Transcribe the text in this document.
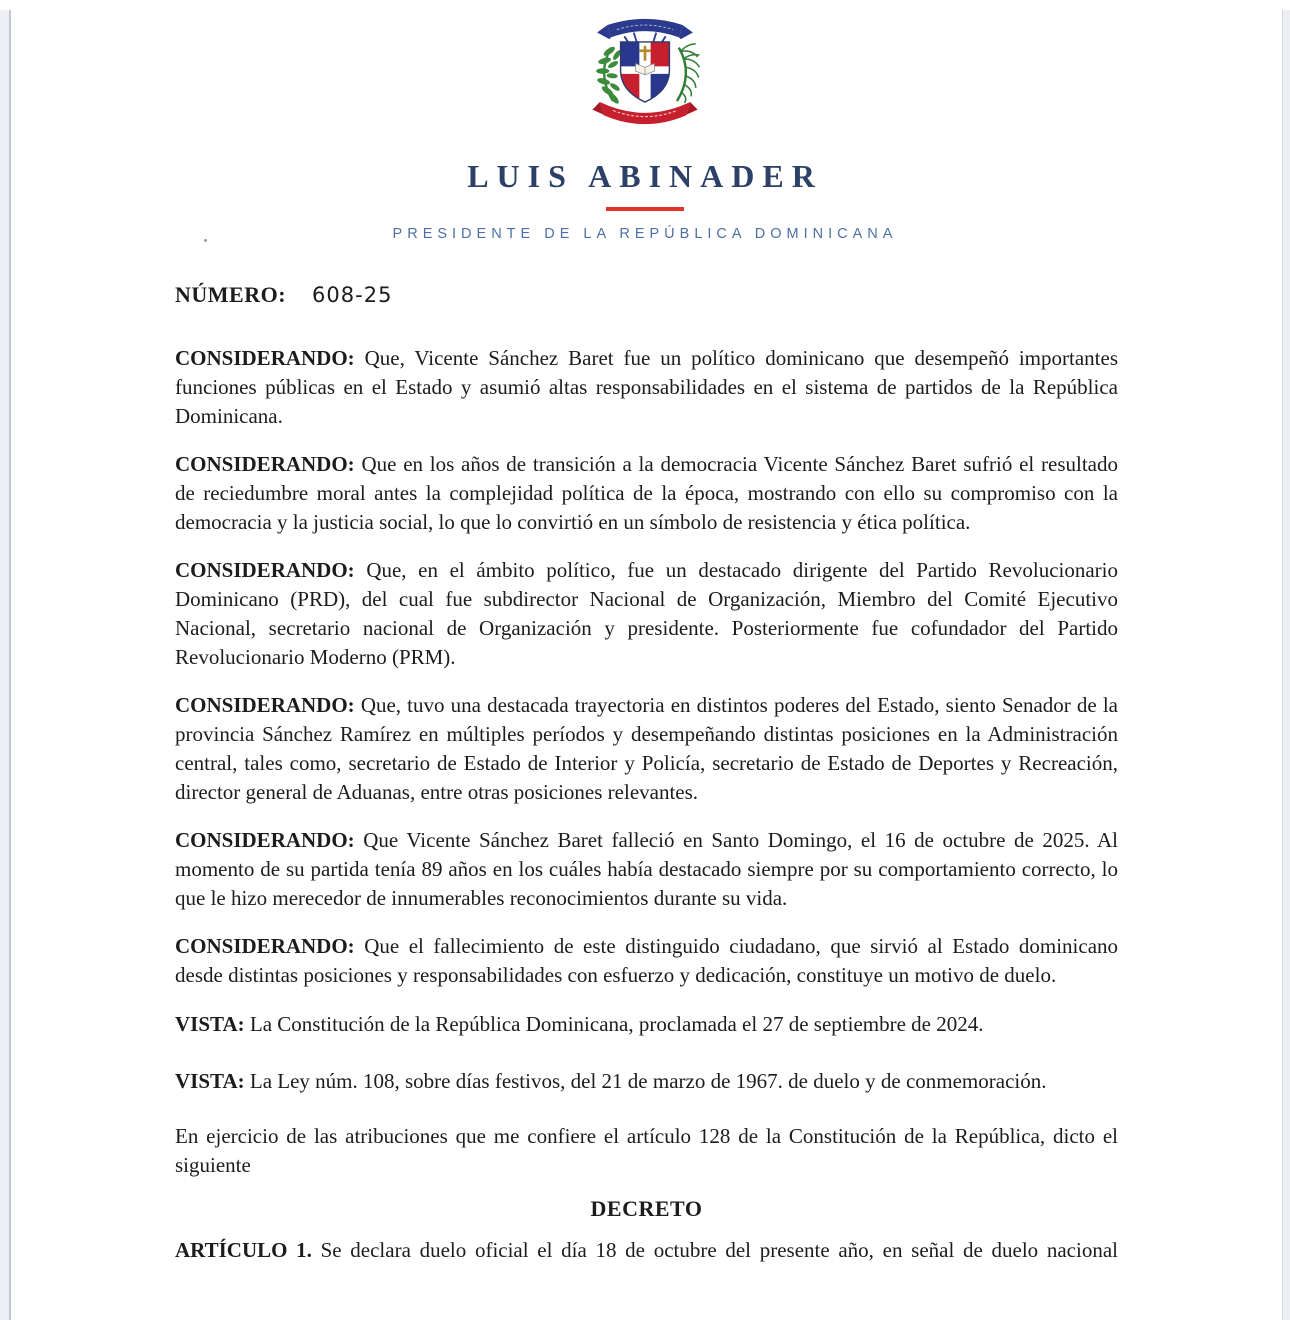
LUIS ABINADER
PRESIDENTE DE LA REPÚBLICA DOMINICANA

NÚMERO: 608-25

CONSIDERANDO: Que, Vicente Sánchez Baret fue un político dominicano que desempeñó importantes funciones públicas en el Estado y asumió altas responsabilidades en el sistema de partidos de la República Dominicana.

CONSIDERANDO: Que en los años de transición a la democracia Vicente Sánchez Baret sufrió el resultado de reciedumbre moral antes la complejidad política de la época, mostrando con ello su compromiso con la democracia y la justicia social, lo que lo convirtió en un símbolo de resistencia y ética política.

CONSIDERANDO: Que, en el ámbito político, fue un destacado dirigente del Partido Revolucionario Dominicano (PRD), del cual fue subdirector Nacional de Organización, Miembro del Comité Ejecutivo Nacional, secretario nacional de Organización y presidente. Posteriormente fue cofundador del Partido Revolucionario Moderno (PRM).

CONSIDERANDO: Que, tuvo una destacada trayectoria en distintos poderes del Estado, siento Senador de la provincia Sánchez Ramírez en múltiples períodos y desempeñando distintas posiciones en la Administración central, tales como, secretario de Estado de Interior y Policía, secretario de Estado de Deportes y Recreación, director general de Aduanas, entre otras posiciones relevantes.

CONSIDERANDO: Que Vicente Sánchez Baret falleció en Santo Domingo, el 16 de octubre de 2025. Al momento de su partida tenía 89 años en los cuáles había destacado siempre por su comportamiento correcto, lo que le hizo merecedor de innumerables reconocimientos durante su vida.

CONSIDERANDO: Que el fallecimiento de este distinguido ciudadano, que sirvió al Estado dominicano desde distintas posiciones y responsabilidades con esfuerzo y dedicación, constituye un motivo de duelo.

VISTA: La Constitución de la República Dominicana, proclamada el 27 de septiembre de 2024.

VISTA: La Ley núm. 108, sobre días festivos, del 21 de marzo de 1967. de duelo y de conmemoración.

En ejercicio de las atribuciones que me confiere el artículo 128 de la Constitución de la República, dicto el siguiente

DECRETO

ARTÍCULO 1. Se declara duelo oficial el día 18 de octubre del presente año, en señal de duelo nacional
